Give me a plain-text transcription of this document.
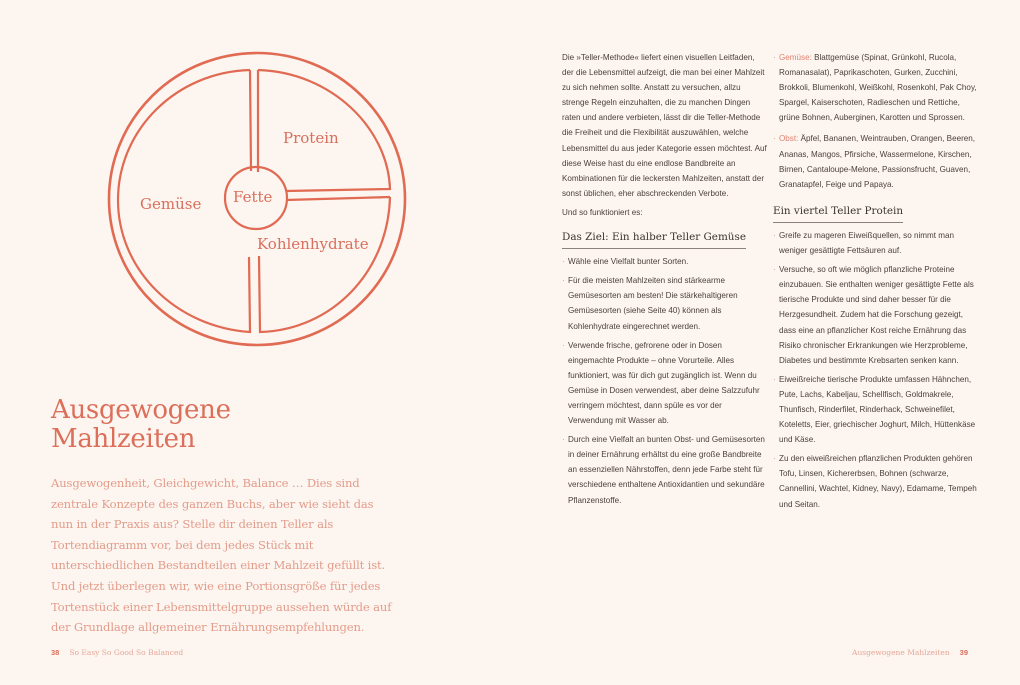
Protein
Gemüse Fette
Kohlenhydrate
Ausgewogene
Mahlzeiten

Ausgewogenheit, Gleichgewicht, Balance … Dies sind zentrale Konzepte des ganzen Buchs, aber wie sieht das nun in der Praxis aus? Stelle dir deinen Teller als Tortendiagramm vor, bei dem jedes Stück mit unterschiedlichen Bestandteilen einer Mahlzeit gefüllt ist. Und jetzt überlegen wir, wie eine Portionsgröße für jedes Tortenstück einer Lebensmittelgruppe aussehen würde auf der Grundlage allgemeiner Ernährungsempfehlungen.

38 So Easy So Good So Balanced

Die »Teller-Methode« liefert einen visuellen Leitfaden, der die Lebensmittel aufzeigt, die man bei einer Mahlzeit zu sich nehmen sollte. Anstatt zu versuchen, allzu strenge Regeln einzuhalten, die zu manchen Dingen raten und andere verbieten, lässt dir die Teller-Methode die Freiheit und die Flexibilität auszuwählen, welche Lebensmittel du aus jeder Kategorie essen möchtest. Auf diese Weise hast du eine endlose Bandbreite an Kombinationen für die leckersten Mahlzeiten, anstatt der sonst üblichen, eher abschreckenden Verbote.

Und so funktioniert es:

Das Ziel: Ein halber Teller Gemüse

· Wähle eine Vielfalt bunter Sorten.

· Für die meisten Mahlzeiten sind stärkearme Gemüsesorten am besten! Die stärkehaltigeren Gemüsesorten (siehe Seite 40) können als Kohlenhydrate eingerechnet werden.

· Verwende frische, gefrorene oder in Dosen eingemachte Produkte – ohne Vorurteile. Alles funktioniert, was für dich gut zugänglich ist. Wenn du Gemüse in Dosen verwendest, aber deine Salzzufuhr verringern möchtest, dann spüle es vor der Verwendung mit Wasser ab.

· Durch eine Vielfalt an bunten Obst- und Gemüsesorten in deiner Ernährung erhältst du eine große Bandbreite an essenziellen Nährstoffen, denn jede Farbe steht für verschiedene enthaltene Antioxidantien und sekundäre Pflanzenstoffe.

· Gemüse: Blattgemüse (Spinat, Grünkohl, Rucola, Romanasalat), Paprikaschoten, Gurken, Zucchini, Brokkoli, Blumenkohl, Weißkohl, Rosenkohl, Pak Choy, Spargel, Kaiserschoten, Radieschen und Rettiche, grüne Bohnen, Auberginen, Karotten und Sprossen.

· Obst: Äpfel, Bananen, Weintrauben, Orangen, Beeren, Ananas, Mangos, Pfirsiche, Wassermelone, Kirschen, Birnen, Cantaloupe-Melone, Passionsfrucht, Guaven, Granatapfel, Feige und Papaya.

Ein viertel Teller Protein

· Greife zu mageren Eiweißquellen, so nimmt man weniger gesättigte Fettsäuren auf.

· Versuche, so oft wie möglich pflanzliche Proteine einzubauen. Sie enthalten weniger gesättigte Fette als tierische Produkte und sind daher besser für die Herzgesundheit. Zudem hat die Forschung gezeigt, dass eine an pflanzlicher Kost reiche Ernährung das Risiko chronischer Erkrankungen wie Herzprobleme, Diabetes und bestimmte Krebsarten senken kann.

· Eiweißreiche tierische Produkte umfassen Hähnchen, Pute, Lachs, Kabeljau, Schellfisch, Goldmakrele, Thunfisch, Rinderfilet, Rinderhack, Schweinefilet, Koteletts, Eier, griechischer Joghurt, Milch, Hüttenkäse und Käse.

· Zu den eiweißreichen pflanzlichen Produkten gehören Tofu, Linsen, Kichererbsen, Bohnen (schwarze, Cannellini, Wachtel, Kidney, Navy), Edamame, Tempeh und Seitan.

Ausgewogene Mahlzeiten 39
